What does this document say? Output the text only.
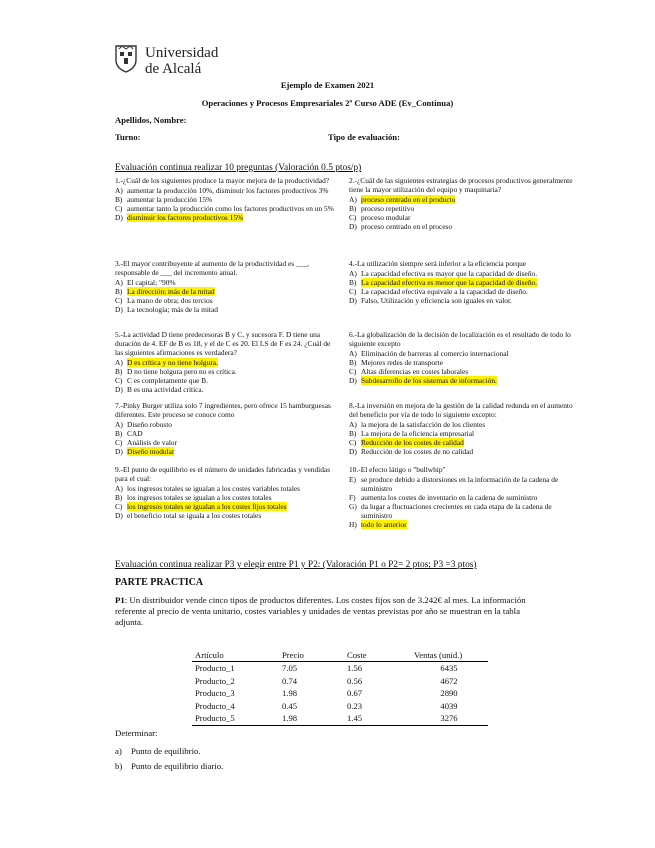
Universidad
de Alcalá
Ejemplo de Examen 2021
Operaciones y Procesos Empresariales 2º Curso ADE (Ev_Continua)
Apellidos, Nombre:
Turno:	Tipo de evaluación:
Evaluación continua realizar 10 preguntas (Valoración 0.5 ptos/p)
1.-¿Cuál de los siguientes produce la mayor mejora de la productividad?
A) aumentar la producción 10%, disminuir los factores productivos 3%
B) aumentar la producción 15%
C) aumentar tanto la producción como los factores productivos en un 5%
D) disminuir los factores productivos 15%
2.-¿Cuál de las siguientes estrategias de procesos productivos generalmente tiene la mayor utilización del equipo y maquinaria?
A) proceso centrado en el producto
B) proceso repetitivo
C) proceso modular
D) proceso centrado en el proceso
3.-El mayor contribuyente al aumento de la productividad es ___, responsable de ___ del incremento anual.
A) El capital; "90%
B) La dirección; más de la mitad
C) La mano de obra; dos tercios
D) La tecnología; más de la mitad
4.-La utilización siempre será inferior a la eficiencia porque
A) La capacidad efectiva es mayor que la capacidad de diseño.
B) La capacidad efectiva es menor que la capacidad de diseño.
C) La capacidad efectiva equivale a la capacidad de diseño.
D) Falso, Utilización y eficiencia son iguales en valor.
5.-La actividad D tiene predecesoras B y C, y sucesora F. D tiene una duración de 4. EF de B es 18, y el de C es 20. El LS de F es 24. ¿Cuál de las siguientes afirmaciones es verdadera?
A) D es crítica y no tiene holgura.
B) D no tiene holgura pero no es crítica.
C) C es completamente que B.
D) B es una actividad crítica.
6.-La globalización de la decisión de localización es el resultado de todo lo siguiente excepto
A) Eliminación de barreras al comercio internacional
B) Mejores redes de transporte
C) Altas diferencias en costes laborales
D) Subdesarrollo de los sistemas de información.
7.-Pinky Burger utiliza solo 7 ingredientes, pero ofrece 15 hamburguesas diferentes. Este proceso se conoce como
A) Diseño robusto
B) CAD
C) Análisis de valor
D) Diseño modular
8.-La inversión en mejora de la gestión de la calidad redunda en el aumento del beneficio por vía de todo lo siguiente excepto:
A) la mejora de la satisfacción de los clientes
B) La mejora de la eficiencia empresarial
C) Reducción de los costes de calidad
D) Reducción de los costes de no calidad
9.-El punto de equilibrio es el número de unidades fabricadas y vendidas para el cual:
A) los ingresos totales se igualan a los costes variables totales
B) los ingresos totales se igualan a los costes totales
C) los ingresos totales se igualan a los costes fijos totales
D) el beneficio total se iguala a los costes totales
10.-El efecto látigo o "bullwhip"
E) se produce debido a distorsiones en la información de la cadena de suministro
F) aumenta los costes de inventario en la cadena de suministro
G) da lugar a fluctuaciones crecientes en cada etapa de la cadena de suministro
H) todo lo anterior
Evaluación continua realizar P3 y elegir entre P1 y P2: (Valoración P1 o P2= 2 ptos; P3 =3 ptos)
PARTE PRACTICA
P1: Un distribuidor vende cinco tipos de productos diferentes. Los costes fijos son de 3.242€ al mes. La información referente al precio de venta unitario, costes variables y unidades de ventas previstas por año se muestran en la tabla adjunta.
Artículo	Precio	Coste	Ventas (unid.)
Producto_1	7.05	1.56	6435
Producto_2	0.74	0.56	4672
Producto_3	1.98	0.67	2890
Producto_4	0.45	0.23	4039
Producto_5	1.98	1.45	3276
Determinar:
a)	Punto de equilibrio.
b) Punto de equilibrio diario.
